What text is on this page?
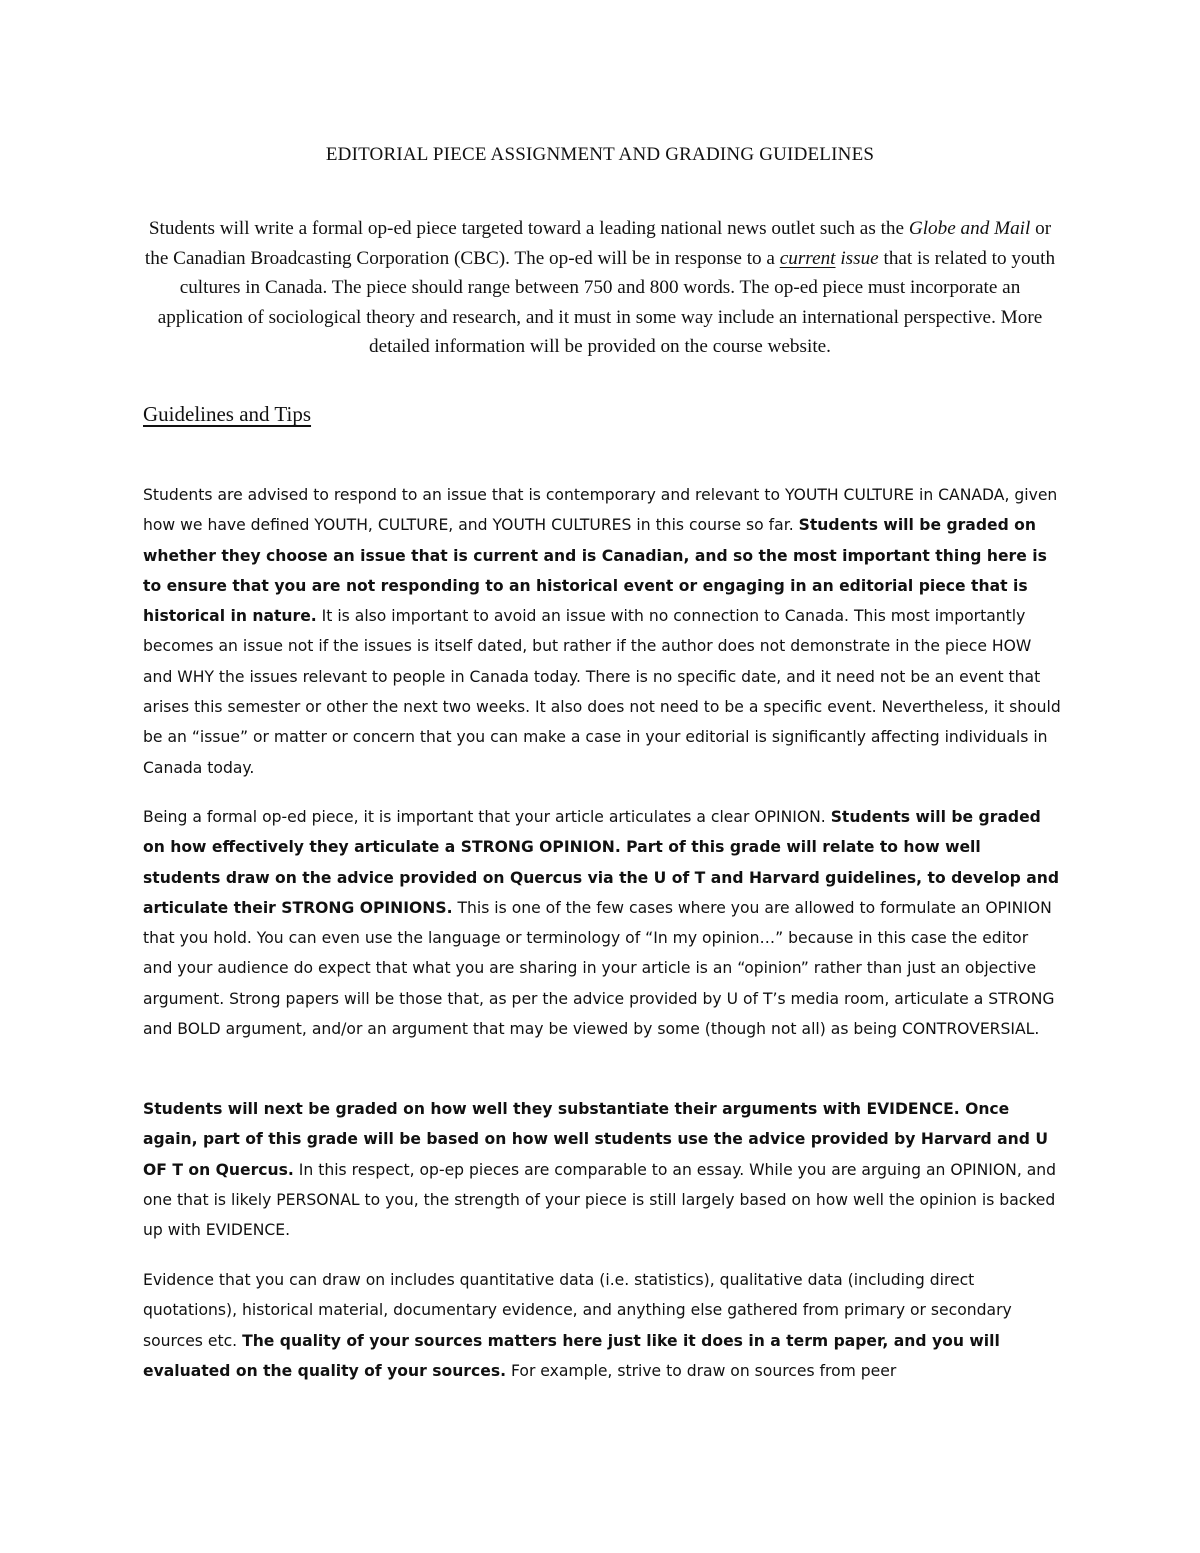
EDITORIAL PIECE ASSIGNMENT AND GRADING GUIDELINES
Students will write a formal op-ed piece targeted toward a leading national news outlet such as the Globe and Mail or the Canadian Broadcasting Corporation (CBC). The op-ed will be in response to a current issue that is related to youth cultures in Canada. The piece should range between 750 and 800 words. The op-ed piece must incorporate an application of sociological theory and research, and it must in some way include an international perspective. More detailed information will be provided on the course website.
Guidelines and Tips

Students are advised to respond to an issue that is contemporary and relevant to YOUTH CULTURE in CANADA, given how we have defined YOUTH, CULTURE, and YOUTH CULTURES in this course so far. Students will be graded on whether they choose an issue that is current and is Canadian, and so the most important thing here is to ensure that you are not responding to an historical event or engaging in an editorial piece that is historical in nature. It is also important to avoid an issue with no connection to Canada. This most importantly becomes an issue not if the issues is itself dated, but rather if the author does not demonstrate in the piece HOW and WHY the issues relevant to people in Canada today. There is no specific date, and it need not be an event that arises this semester or other the next two weeks. It also does not need to be a specific event. Nevertheless, it should be an “issue” or matter or concern that you can make a case in your editorial is significantly affecting individuals in Canada today.

Being a formal op-ed piece, it is important that your article articulates a clear OPINION. Students will be graded on how effectively they articulate a STRONG OPINION. Part of this grade will relate to how well students draw on the advice provided on Quercus via the U of T and Harvard guidelines, to develop and articulate their STRONG OPINIONS. This is one of the few cases where you are allowed to formulate an OPINION that you hold. You can even use the language or terminology of “In my opinion…” because in this case the editor and your audience do expect that what you are sharing in your article is an “opinion” rather than just an objective argument. Strong papers will be those that, as per the advice provided by U of T’s media room, articulate a STRONG and BOLD argument, and/or an argument that may be viewed by some (though not all) as being CONTROVERSIAL.

Students will next be graded on how well they substantiate their arguments with EVIDENCE. Once again, part of this grade will be based on how well students use the advice provided by Harvard and U OF T on Quercus. In this respect, op-ep pieces are comparable to an essay. While you are arguing an OPINION, and one that is likely PERSONAL to you, the strength of your piece is still largely based on how well the opinion is backed up with EVIDENCE.

Evidence that you can draw on includes quantitative data (i.e. statistics), qualitative data (including direct quotations), historical material, documentary evidence, and anything else gathered from primary or secondary sources etc. The quality of your sources matters here just like it does in a term paper, and you will evaluated on the quality of your sources. For example, strive to draw on sources from peer
